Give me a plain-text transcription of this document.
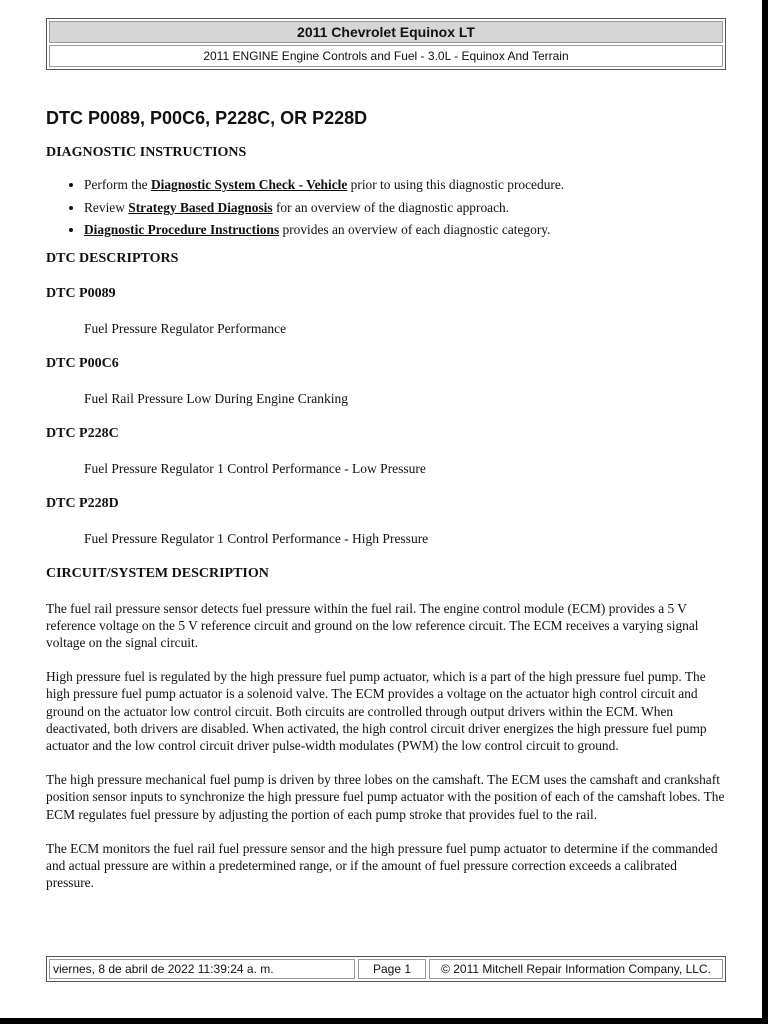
2011 Chevrolet Equinox LT
2011 ENGINE Engine Controls and Fuel - 3.0L - Equinox And Terrain
DTC P0089, P00C6, P228C, OR P228D
DIAGNOSTIC INSTRUCTIONS
• Perform the Diagnostic System Check - Vehicle prior to using this diagnostic procedure.
• Review Strategy Based Diagnosis for an overview of the diagnostic approach.
• Diagnostic Procedure Instructions provides an overview of each diagnostic category.
DTC DESCRIPTORS
DTC P0089

Fuel Pressure Regulator Performance

DTC P00C6

Fuel Rail Pressure Low During Engine Cranking

DTC P228C

Fuel Pressure Regulator 1 Control Performance - Low Pressure

DTC P228D

Fuel Pressure Regulator 1 Control Performance - High Pressure

CIRCUIT/SYSTEM DESCRIPTION

The fuel rail pressure sensor detects fuel pressure within the fuel rail. The engine control module (ECM) provides a 5 V reference voltage on the 5 V reference circuit and ground on the low reference circuit. The ECM receives a varying signal voltage on the signal circuit.

High pressure fuel is regulated by the high pressure fuel pump actuator, which is a part of the high pressure fuel pump. The high pressure fuel pump actuator is a solenoid valve. The ECM provides a voltage on the actuator high control circuit and ground on the actuator low control circuit. Both circuits are controlled through output drivers within the ECM. When deactivated, both drivers are disabled. When activated, the high control circuit driver energizes the high pressure fuel pump actuator and the low control circuit driver pulse-width modulates (PWM) the low control circuit to ground.

The high pressure mechanical fuel pump is driven by three lobes on the camshaft. The ECM uses the camshaft and crankshaft position sensor inputs to synchronize the high pressure fuel pump actuator with the position of each of the camshaft lobes. The ECM regulates fuel pressure by adjusting the portion of each pump stroke that provides fuel to the rail.

The ECM monitors the fuel rail fuel pressure sensor and the high pressure fuel pump actuator to determine if the commanded and actual pressure are within a predetermined range, or if the amount of fuel pressure correction exceeds a calibrated pressure.

viernes, 8 de abril de 2022 11:39:24 a. m.	Page 1	© 2011 Mitchell Repair Information Company, LLC.
